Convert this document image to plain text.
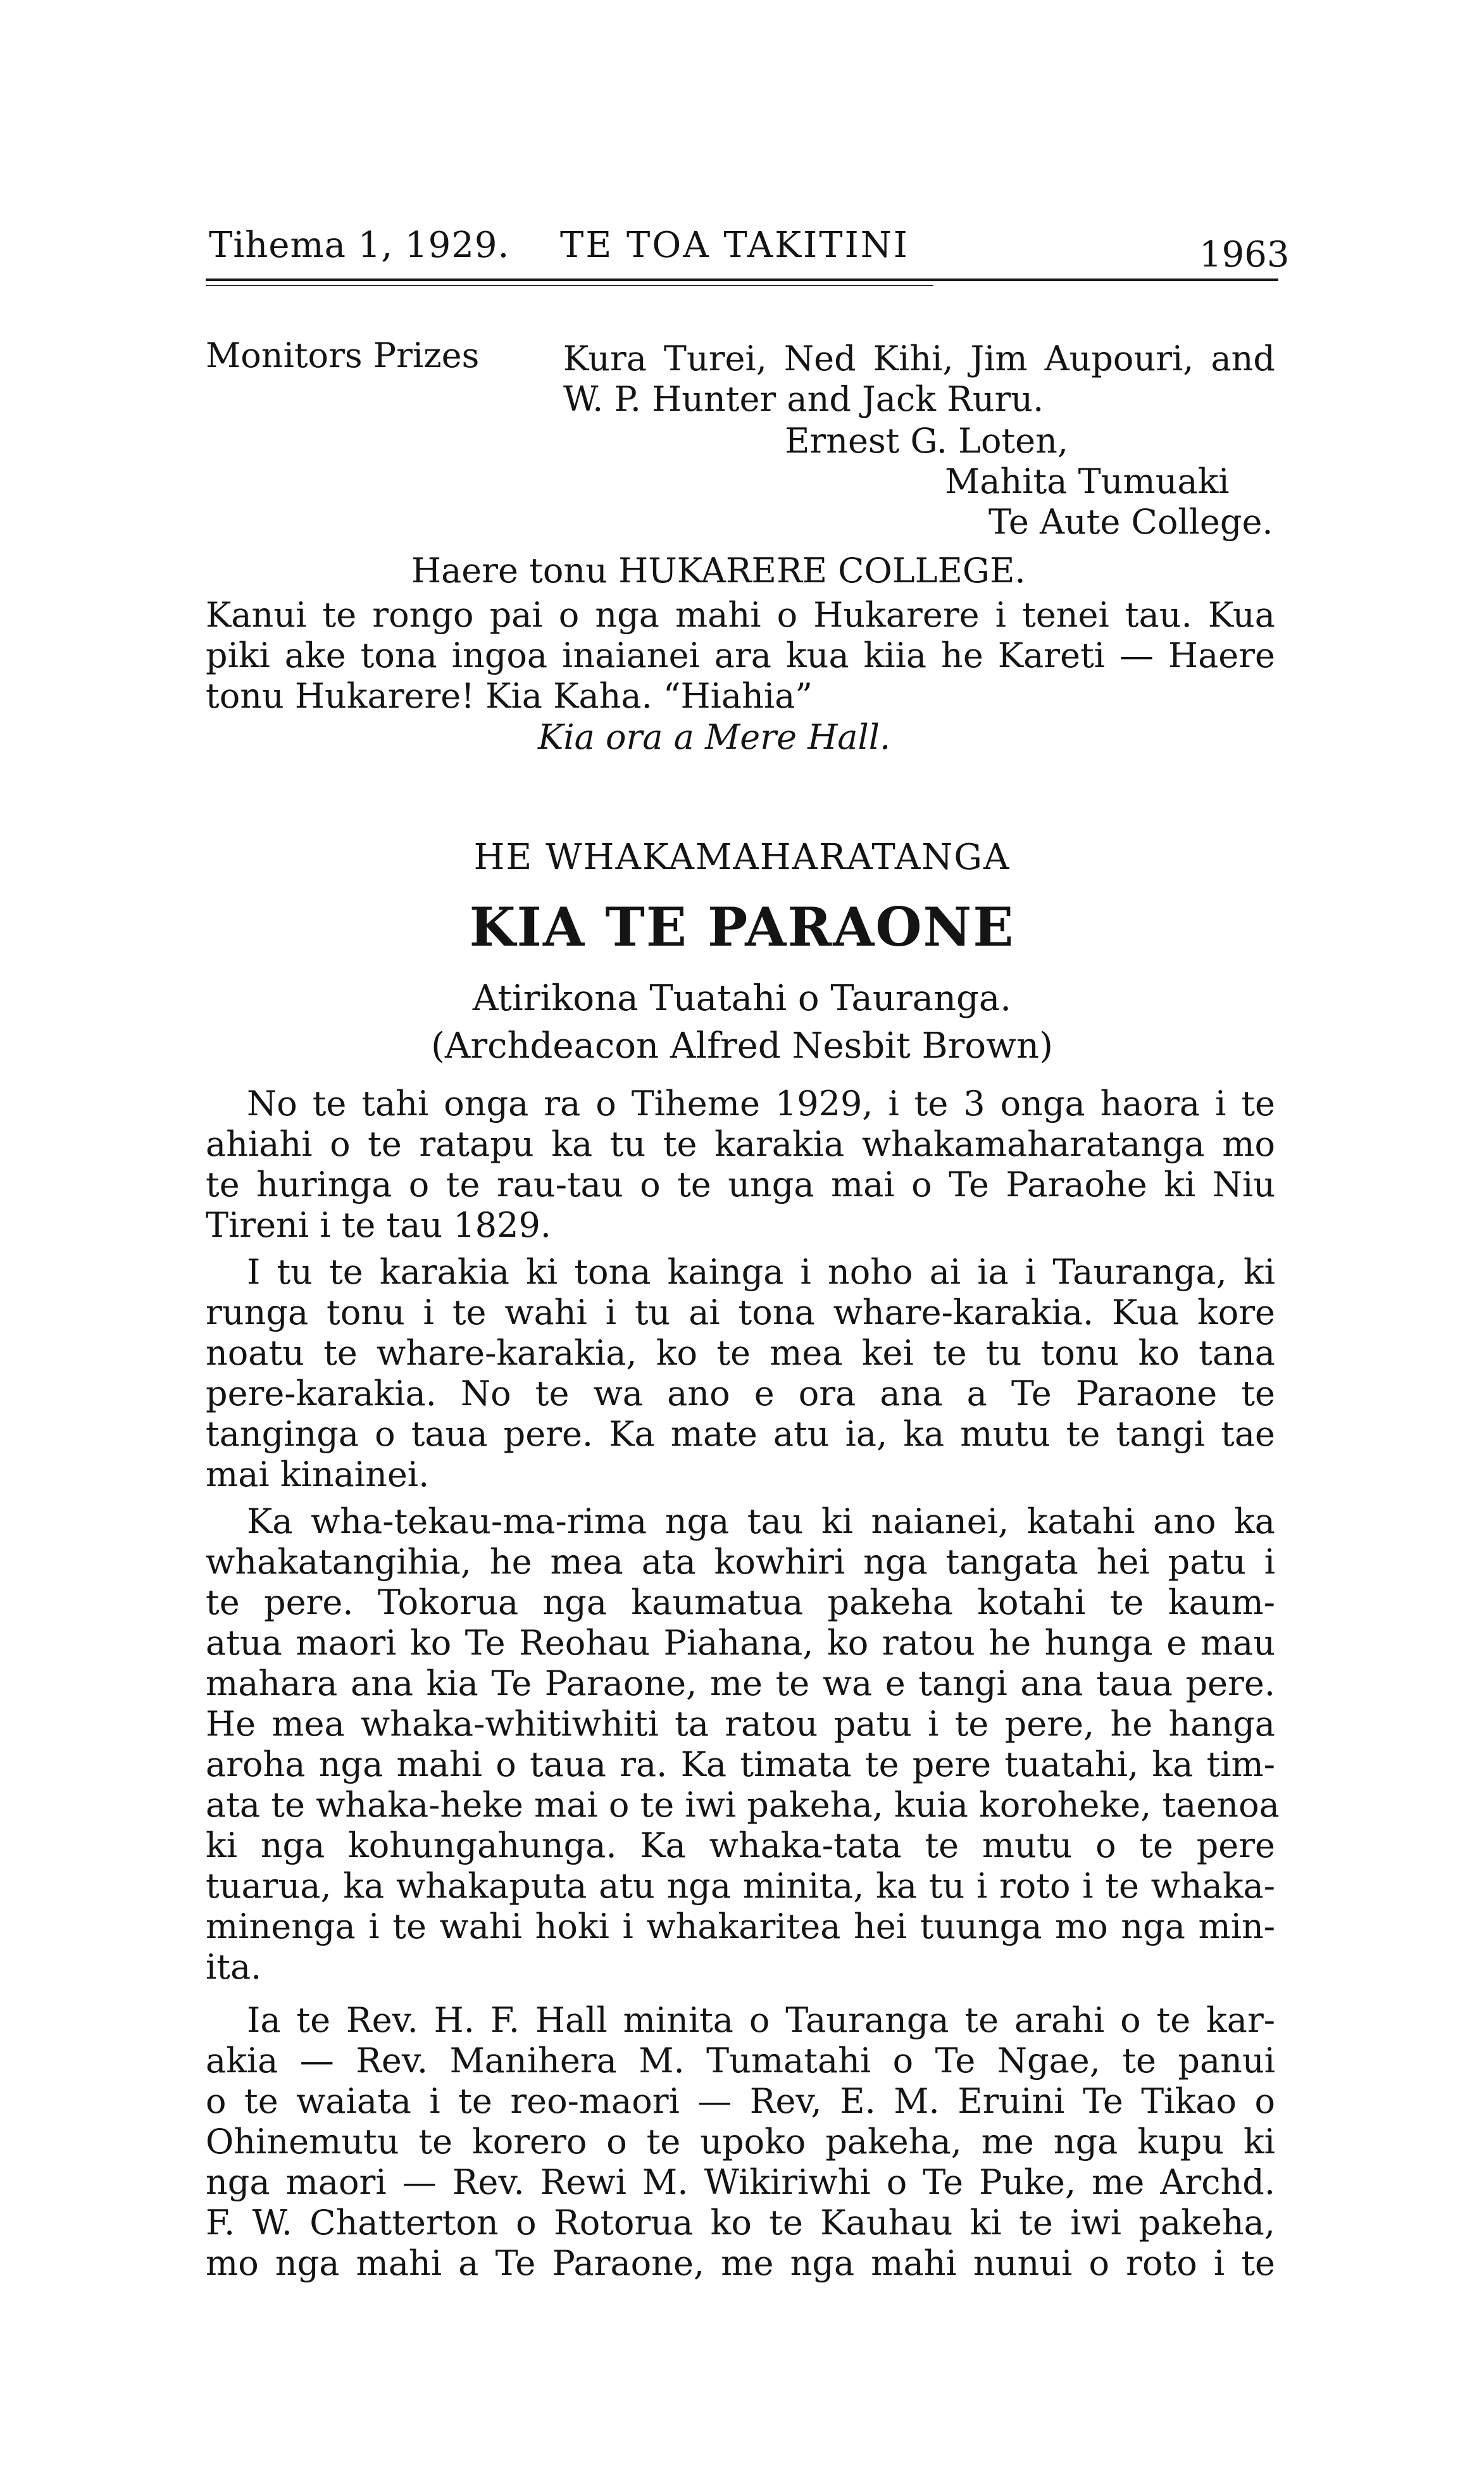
Tihema 1, 1929. TE TOA TAKITINI	1963
Monitors Prizes Kura Turei, Ned Kihi, Jim Aupouri, and
W. P. Hunter and Jack Ruru.
Ernest G. Loten,
Mahita Tumuaki
Te Aute College.
Haere tonu HUKARERE COLLEGE.
Kanui te rongo pai o nga mahi o Hukarere i tenei tau. Kua
piki ake tona ingoa inaianei ara kua kiia he Kareti — Haere
tonu Hukarere! Kia Kaha. “Hiahia”
Kia ora a Mere Hall.
HE WHAKAMAHARATANGA
KIA TE PARAONE
Atirikona Tuatahi o Tauranga.
(Archdeacon Alfred Nesbit Brown)
No te tahi onga ra o Tiheme 1929, i te 3 onga haora i te
ahiahi o te ratapu ka tu te karakia whakamaharatanga mo
te huringa o te rau-tau o te unga mai o Te Paraohe ki Niu
Tireni i te tau 1829.
I tu te karakia ki tona kainga i noho ai ia i Tauranga, ki
runga tonu i te wahi i tu ai tona whare-karakia. Kua kore
noatu te whare-karakia, ko te mea kei te tu tonu ko tana
pere-karakia. No te wa ano e ora ana a Te Paraone te
tanginga o taua pere. Ka mate atu ia, ka mutu te tangi tae
mai kinainei.
Ka wha-tekau-ma-rima nga tau ki naianei, katahi ano ka
whakatangihia, he mea ata kowhiri nga tangata hei patu i
te pere. Tokorua nga kaumatua pakeha kotahi te kaum-
atua maori ko Te Reohau Piahana, ko ratou he hunga e mau
mahara ana kia Te Paraone, me te wa e tangi ana taua pere.
He mea whaka-whitiwhiti ta ratou patu i te pere, he hanga
aroha nga mahi o taua ra. Ka timata te pere tuatahi, ka tim-
ata te whaka-heke mai o te iwi pakeha, kuia koroheke, taenoa
ki nga kohungahunga. Ka whaka-tata te mutu o te pere
tuarua, ka whakaputa atu nga minita, ka tu i roto i te whaka-
minenga i te wahi hoki i whakaritea hei tuunga mo nga min-
ita.
Ia te Rev. H. F. Hall minita o Tauranga te arahi o te kar-
akia — Rev. Manihera M. Tumatahi o Te Ngae, te panui
o te waiata i te reo-maori — Rev, E. M. Eruini Te Tikao o
Ohinemutu te korero o te upoko pakeha, me nga kupu ki
nga maori — Rev. Rewi M. Wikiriwhi o Te Puke, me Archd.
F. W. Chatterton o Rotorua ko te Kauhau ki te iwi pakeha,
mo nga mahi a Te Paraone, me nga mahi nunui o roto i te
